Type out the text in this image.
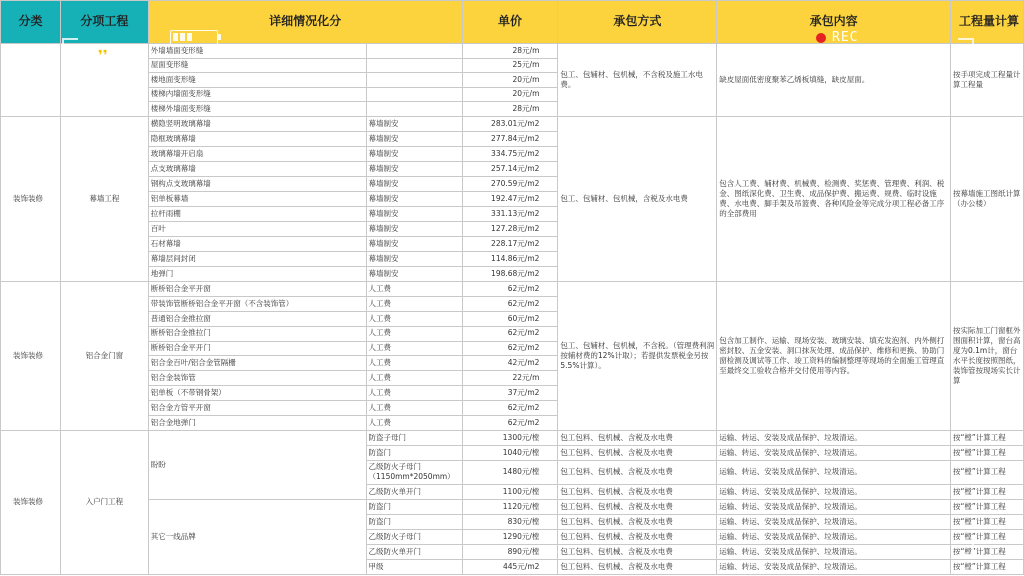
分类	分项工程	详细情况化分		单价	承包方式	承包内容	工程量计算
		外墙墙面变形缝		28元/m	包工、包辅材、包机械，不含税及施工水电费。	缺皮屋面低密度聚苯乙烯板填缝，缺皮屋面。	按手项完成工程量计算工程量
		屋面变形缝		25元/m			
		楼地面变形缝		20元/m			
		楼梯内墙面变形缝		20元/m			
		楼梯外墙面变形缝		28元/m			
装饰装修	幕墙工程	横隐竖明玻璃幕墙	幕墙制安	283.01元/m2	包工、包辅材、包机械，含税及水电费	包含人工费、辅材费、机械费、检测费、奖惩费、管理费、利润、税金、图纸深化费、卫生费、成品保护费、搬运费、规费、临时设施费、水电费、脚手架及吊篮费、各种风险金等完成分项工程必备工序的全部费用	按幕墙施工图纸计算（办公楼）
		隐框玻璃幕墙	幕墙制安	277.84元/m2			
		玻璃幕墙开启扇	幕墙制安	334.75元/m2			
		点支玻璃幕墙	幕墙制安	257.14元/m2			
		钢构点支玻璃幕墙	幕墙制安	270.59元/m2			
		铝单板幕墙	幕墙制安	192.47元/m2			
		拉杆雨棚	幕墙制安	331.13元/m2			
		百叶	幕墙制安	127.28元/m2			
		石材幕墙	幕墙制安	228.17元/m2			
		幕墙层间封闭	幕墙制安	114.86元/m2			
		地弹门	幕墙制安	198.68元/m2			
装饰装修	铝合金门窗	断桥铝合金平开窗	人工费	62元/m2	包工、包辅材、包机械，不含税。（管理费利润按辅材费的12%计取）；若提供发票税金另按5.5%计算）。	包含加工制作、运输、现场安装、玻璃安装、填充发泡剂、内外侧打密封胶、五金安装、洞口抹灰处理、成品保护、维修和更换、协助门窗检测及调试等工作、竣工资料的编制整理等现场的全面施工管理直至最终交工验收合格并交付使用等内容。	按实际加工门窗框外围面积计算，窗台高度为0.1m计，窗台水平长度按照图纸，装饰管按现场实长计算
		带装饰管断桥铝合金平开窗（不含装饰管）	人工费	62元/m2			
		普通铝合金推拉窗	人工费	60元/m2			
		断桥铝合金推拉门	人工费	62元/m2			
		断桥铝合金平开门	人工费	62元/m2			
		铝合金百叶/铝合金管隔栅	人工费	42元/m2			
		铝合金装饰管	人工费	22元/m			
		铝单板（不带钢骨架）	人工费	37元/m2			
		铝合金方管平开窗	人工费	62元/m2			
		铝合金地弹门	人工费	62元/m2			
装饰装修	入户门工程	盼盼	防盗子母门	1300元/樘	包工包料、包机械、含税及水电费	运输、转运、安装及成品保护、垃圾清运。	按“樘”计算工程
			防盗门	1040元/樘	包工包料、包机械、含税及水电费	运输、转运、安装及成品保护、垃圾清运。	按“樘”计算工程
			乙级防火子母门（1150mm*2050mm）	1480元/樘	包工包料、包机械、含税及水电费	运输、转运、安装及成品保护、垃圾清运。	按“樘”计算工程
			乙级防火单开门	1100元/樘	包工包料、包机械、含税及水电费	运输、转运、安装及成品保护、垃圾清运。	按“樘”计算工程
		其它一线品牌	防盗门	1120元/樘	包工包料、包机械、含税及水电费	运输、转运、安装及成品保护、垃圾清运。	按“樘”计算工程
			防盗门	830元/樘	包工包料、包机械、含税及水电费	运输、转运、安装及成品保护、垃圾清运。	按“樘”计算工程
			乙级防火子母门	1290元/樘	包工包料、包机械、含税及水电费	运输、转运、安装及成品保护、垃圾清运。	按“樘”计算工程
			乙级防火单开门	890元/樘	包工包料、包机械、含税及水电费	运输、转运、安装及成品保护、垃圾清运。	按“樘”计算工程
			甲级	445元/m2	包工包料、包机械、含税及水电费	运输、转运、安装及成品保护、垃圾清运。	按“樘”计算工程
❜❜
REC
